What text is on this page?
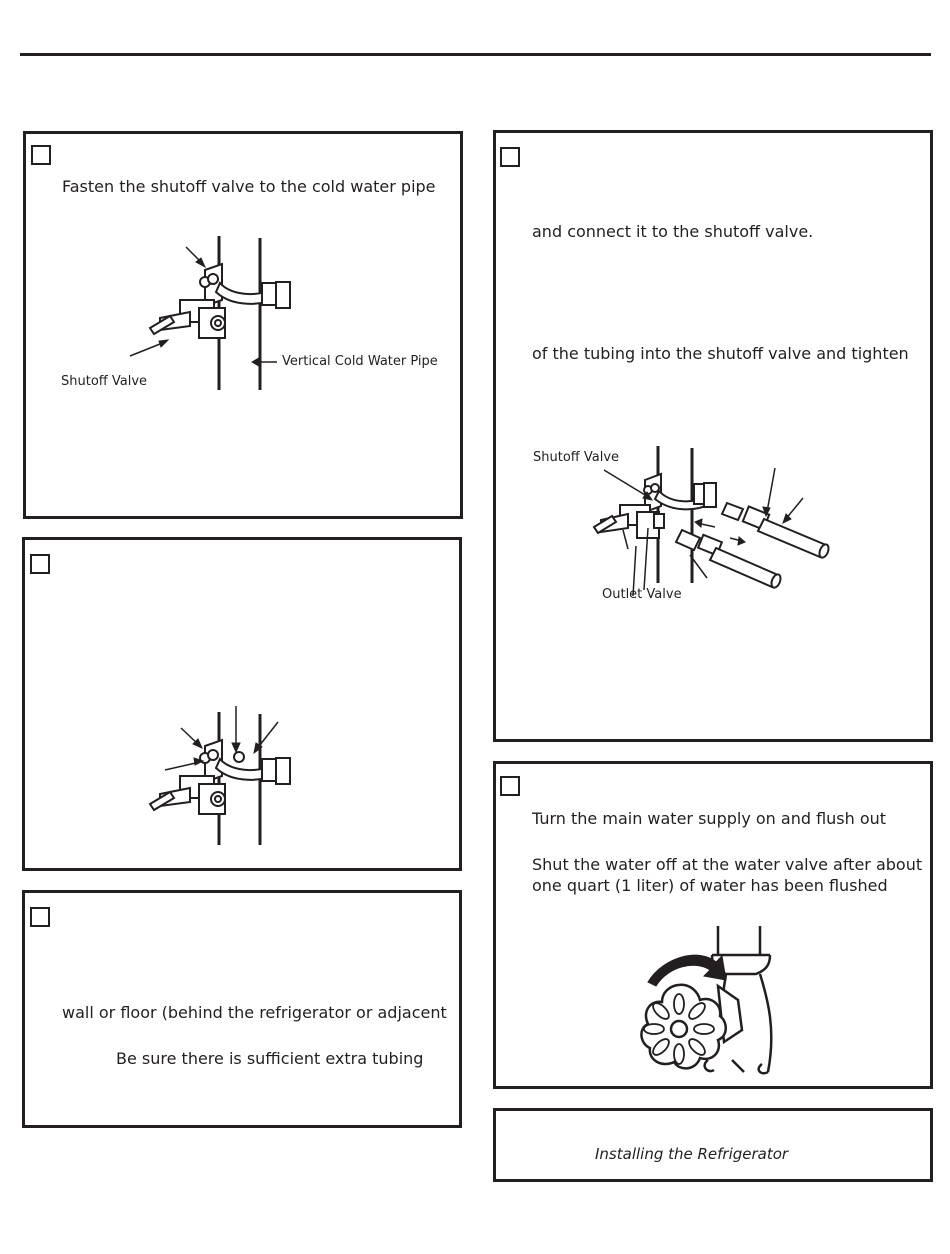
Fasten the shutoff valve to the cold water pipe
Vertical Cold Water Pipe
Shutoff Valve
wall or floor (behind the refrigerator or adjacent
Be sure there is sufficient extra tubing
and connect it to the shutoff valve.
of the tubing into the shutoff valve and tighten
Shutoff Valve
Outlet Valve
Turn the main water supply on and flush out
Shut the water off at the water valve after about
one quart (1 liter) of water has been flushed
Installing the Refrigerator
